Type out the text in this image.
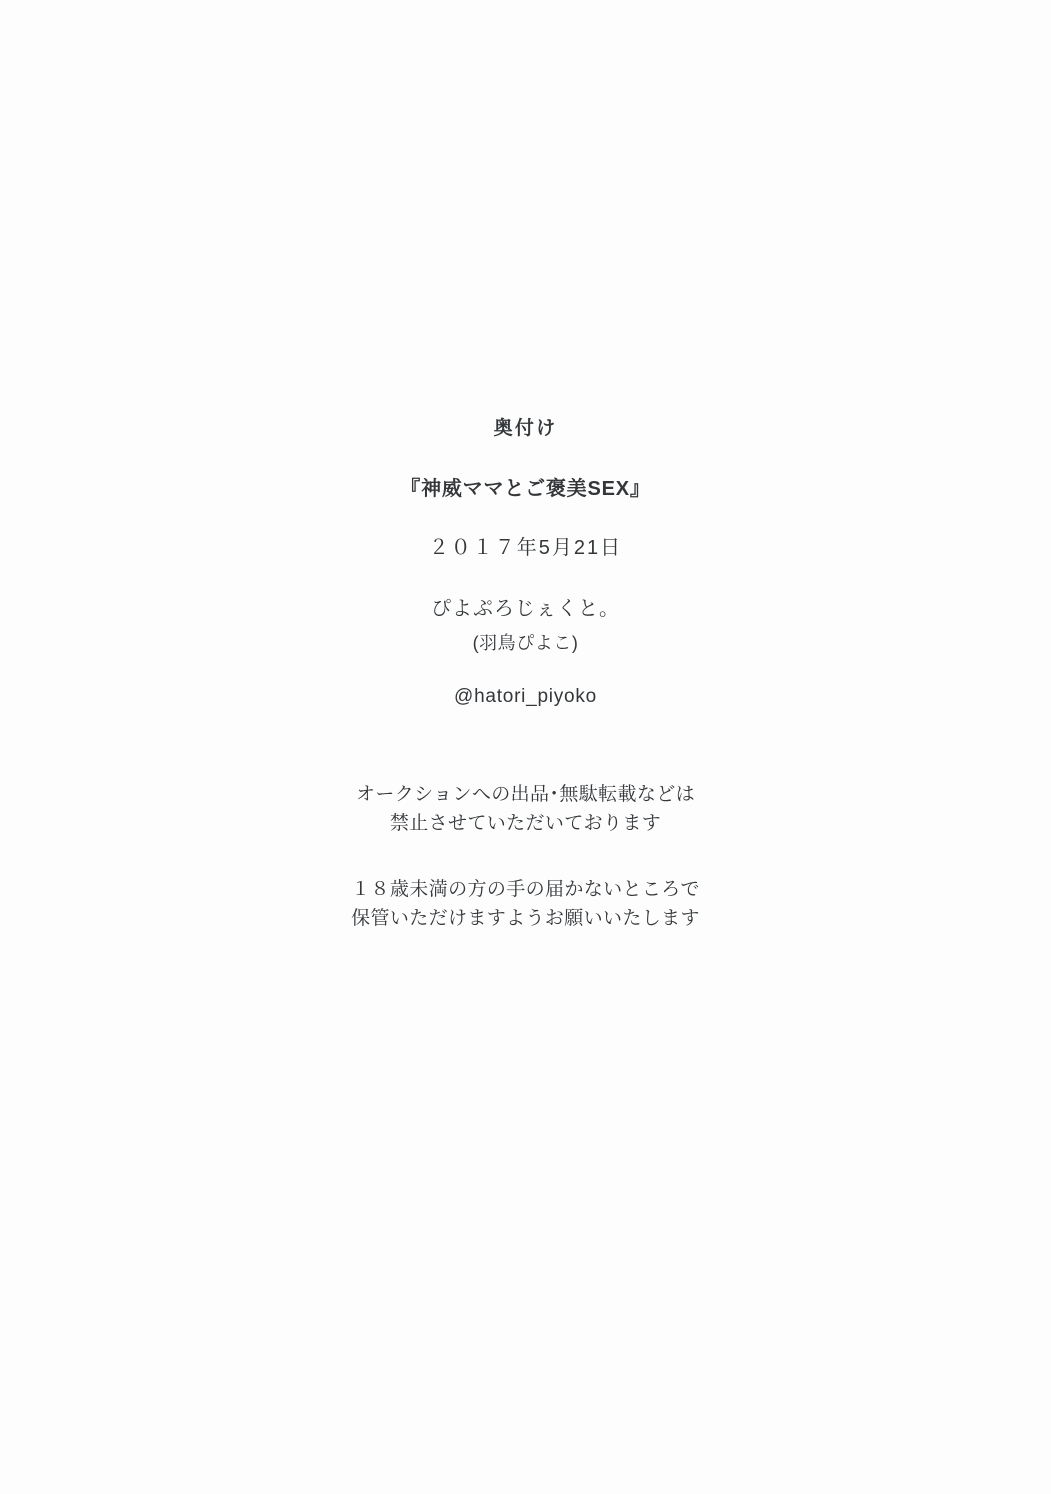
奥付け
『神威ママとご褒美SEX』
２０１７年5月21日
ぴよぷろじぇくと。
(羽鳥ぴよこ)
@hatori_piyoko
オークションへの出品･無駄転載などは
禁止させていただいております
１８歳未満の方の手の届かないところで
保管いただけますようお願いいたします
